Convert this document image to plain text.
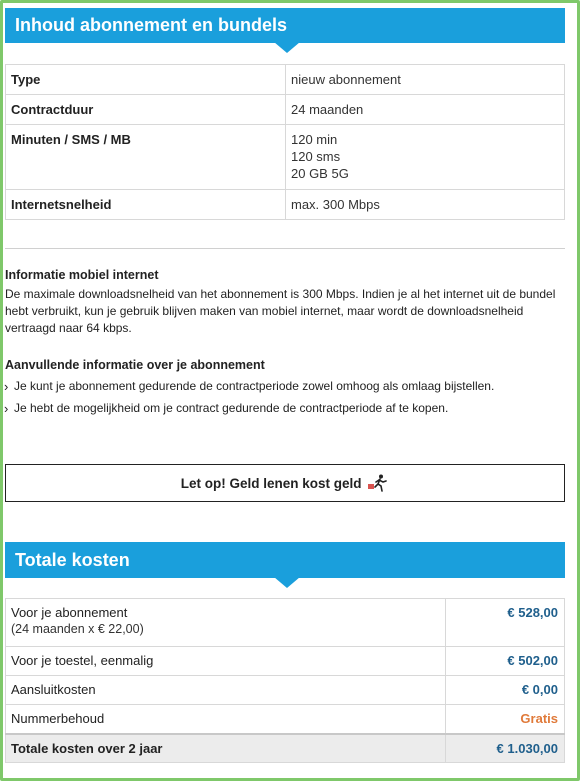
Inhoud abonnement en bundels
Type	nieuw abonnement
Contractduur	24 maanden
Minuten / SMS / MB	120 min
120 sms
20 GB 5G

Internetsnelheid	max. 300 Mbps
Informatie mobiel internet

De maximale downloadsnelheid van het abonnement is 300 Mbps. Indien je al het internet uit de bundel hebt verbruikt, kun je gebruik blijven maken van mobiel internet, maar wordt de downloadsnelheid vertraagd naar 64 kbps.

Aanvullende informatie over je abonnement
› Je kunt je abonnement gedurende de contractperiode zowel omhoog als omlaag bijstellen.
› Je hebt de mogelijkheid om je contract gedurende de contractperiode af te kopen.
Let op! Geld lenen kost geld
Totale kosten
Voor je abonnement
(24 maanden x € 22,00)	€ 528,00
Voor je toestel, eenmalig	€ 502,00
Aansluitkosten	€ 0,00
Nummerbehoud	Gratis
Totale kosten over 2 jaar	€ 1.030,00
